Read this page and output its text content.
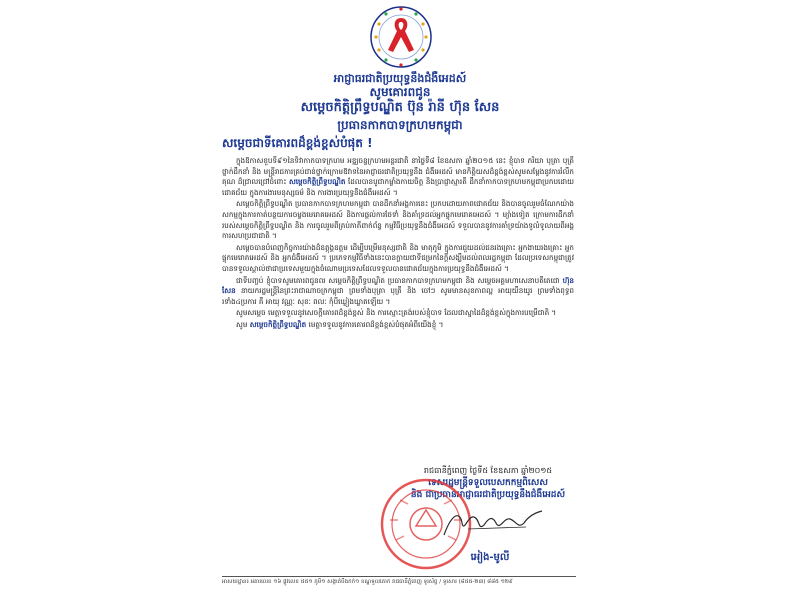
អាជ្ញាធរជាតិប្រយុទ្ធនឹងជំងឺអេដស៍
សូមគោរពជូន
សម្តេចកិត្តិព្រឹទ្ធបណ្ឌិត ប៊ុន រ៉ានី ហ៊ុន សែន
ប្រធានកាកបាទក្រហមកម្ពុជា
សម្តេចជាទីគោរពដ៏ខ្ពង់ខ្ពស់បំផុត !

ក្នុងឱកាសខួបទី៩១នៃទិវាកាកបាទក្រហម អឌ្ឍចន្ទក្រហមអន្តរជាតិ នាថ្ងៃទី៨ ខែឧសភា ឆ្នាំ២០១៥ នេះ ខ្ញុំបាទ ភរិយា បុត្រា បុត្រី ថ្នាក់ដឹកនាំ និង មន្ត្រីរាជការគ្រប់ជាន់ថ្នាក់ក្រោមឱវាទនៃអាជ្ញាធរជាតិប្រយុទ្ធនឹង ជំងឺអេដស៍ មានកិត្តិយសដ៏ខ្ពង់ខ្ពស់សូមសម្តែងនូវការរំលឹកគុណ ដ៏ជ្រាលជ្រៅចំពោះ សម្តេចកិត្តិព្រឹទ្ធបណ្ឌិត ដែលបានបូជាកម្លាំងកាយចិត្ត និងប្រាជ្ញាស្មារតី ដឹកនាំកាកបាទក្រហមកម្ពុជាប្រកបដោយជោគជ័យ ក្នុងការងារមនុស្សធម៌ និង ការងារប្រយុទ្ធនឹងជំងឺអេដស៍ ។

សម្តេចកិត្តិព្រឹទ្ធបណ្ឌិត ប្រធានកាកបាទក្រហមកម្ពុជា បានដឹកនាំអង្គការនេះ ប្រកបដោយភាពជោគជ័យ និងបានចូលរួមចំណែកយ៉ាងសកម្មក្នុងការកាត់បន្ថយការចម្លងមេរោគអេដស៍ និងការផ្តល់ការថែទាំ និងគាំទ្រដល់អ្នកផ្ទុកមេរោគអេដស៍ ។ ម្យ៉ាងទៀត ក្រោមការដឹកនាំរបស់សម្តេចកិត្តិព្រឹទ្ធបណ្ឌិត និង ការចូលរួមពីគ្រប់ភាគីពាក់ព័ន្ធ កម្មវិធីប្រយុទ្ធនឹងជំងឺអេដស៍ ទទួលបាននូវការគាំទ្រយ៉ាងទូលំទូលាយពីអង្គការសហប្រជាជាតិ ។

សម្តេចបានបំពេញកិច្ចការយ៉ាងដ៏ឧត្តុង្គឧត្តម ដើម្បីបម្រើមនុស្សជាតិ និង មាតុភូមិ ក្នុងការជួយដល់ជនរងគ្រោះ អ្នកងាយរងគ្រោះ អ្នកផ្ទុកមេរោគអេដស៍ និង អ្នកជំងឺអេដស៍ ។ ប្រភេទកម្មវិធីទាំងនេះបានក្លាយជាទីជម្រកនៃក្តីសង្ឃឹមដល់ពលរដ្ឋកម្ពុជា ដែលប្រទេសកម្ពុជាត្រូវបានទទួលស្គាល់ថាជាប្រទេសមួយក្នុងចំណោមប្រទេសដែលទទួលបានជោគជ័យក្នុងការប្រយុទ្ធនឹងជំងឺអេដស៍ ។

ជាទីបញ្ចប់ ខ្ញុំបាទសូមគោរពជូនពរ សម្តេចកិត្តិព្រឹទ្ធបណ្ឌិត ប្រធានកាកបាទក្រហមកម្ពុជា និង សម្តេចអគ្គមហាសេនាបតីតេជោ ហ៊ុន សែន នាយករដ្ឋមន្ត្រីនៃព្រះរាជាណាចក្រកម្ពុជា ព្រមទាំងបុត្រា បុត្រី និង ចៅៗ សូមមានសុខភាពល្អ អាយុយឺនយូរ ព្រមទាំងពុទ្ធពរទាំង៤ប្រការ គឺ អាយុ វណ្ណៈ សុខៈ ពលៈ កុំបីឃ្លៀងឃ្លាតឡើយ ។

សូមសម្តេច មេត្តាទទួលនូវសេចក្តីគោរពដ៏ខ្ពង់ខ្ពស់ និង ការស្មោះត្រង់របស់ខ្ញុំបាទ ដែលជាស្នាដៃដ៏ខ្ពង់ខ្ពស់ក្នុងការបម្រើជាតិ ។

សូម សម្តេចកិត្តិព្រឹទ្ធបណ្ឌិត មេត្តាទទួលនូវការគោរពដ៏ខ្ពង់ខ្ពស់បំផុតអំពីយើងខ្ញុំ ។

រាជធានីភ្នំពេញ ថ្ងៃទី៥ ខែឧសភា ឆ្នាំ២០១៥
ទេសរដ្ឋមន្ត្រីទទួលបេសកកម្មពិសេស
និង ជាប្រធានអាជ្ញាធរជាតិប្រយុទ្ធនឹងជំងឺអេដស៍
អៀង-មូលី
អាសយដ្ឋាន៖ អគារលេខ ១៦ ផ្លូវលេខ ៥៥១ ភូមិ១ សង្កាត់បឹងកក់១ ខណ្ឌទួលគោក រាជធានីភ្នំពេញ ទូរស័ព្ទ / ទូរសារ (៨៥៥-២៣) ៨៨៥ ១២៩
